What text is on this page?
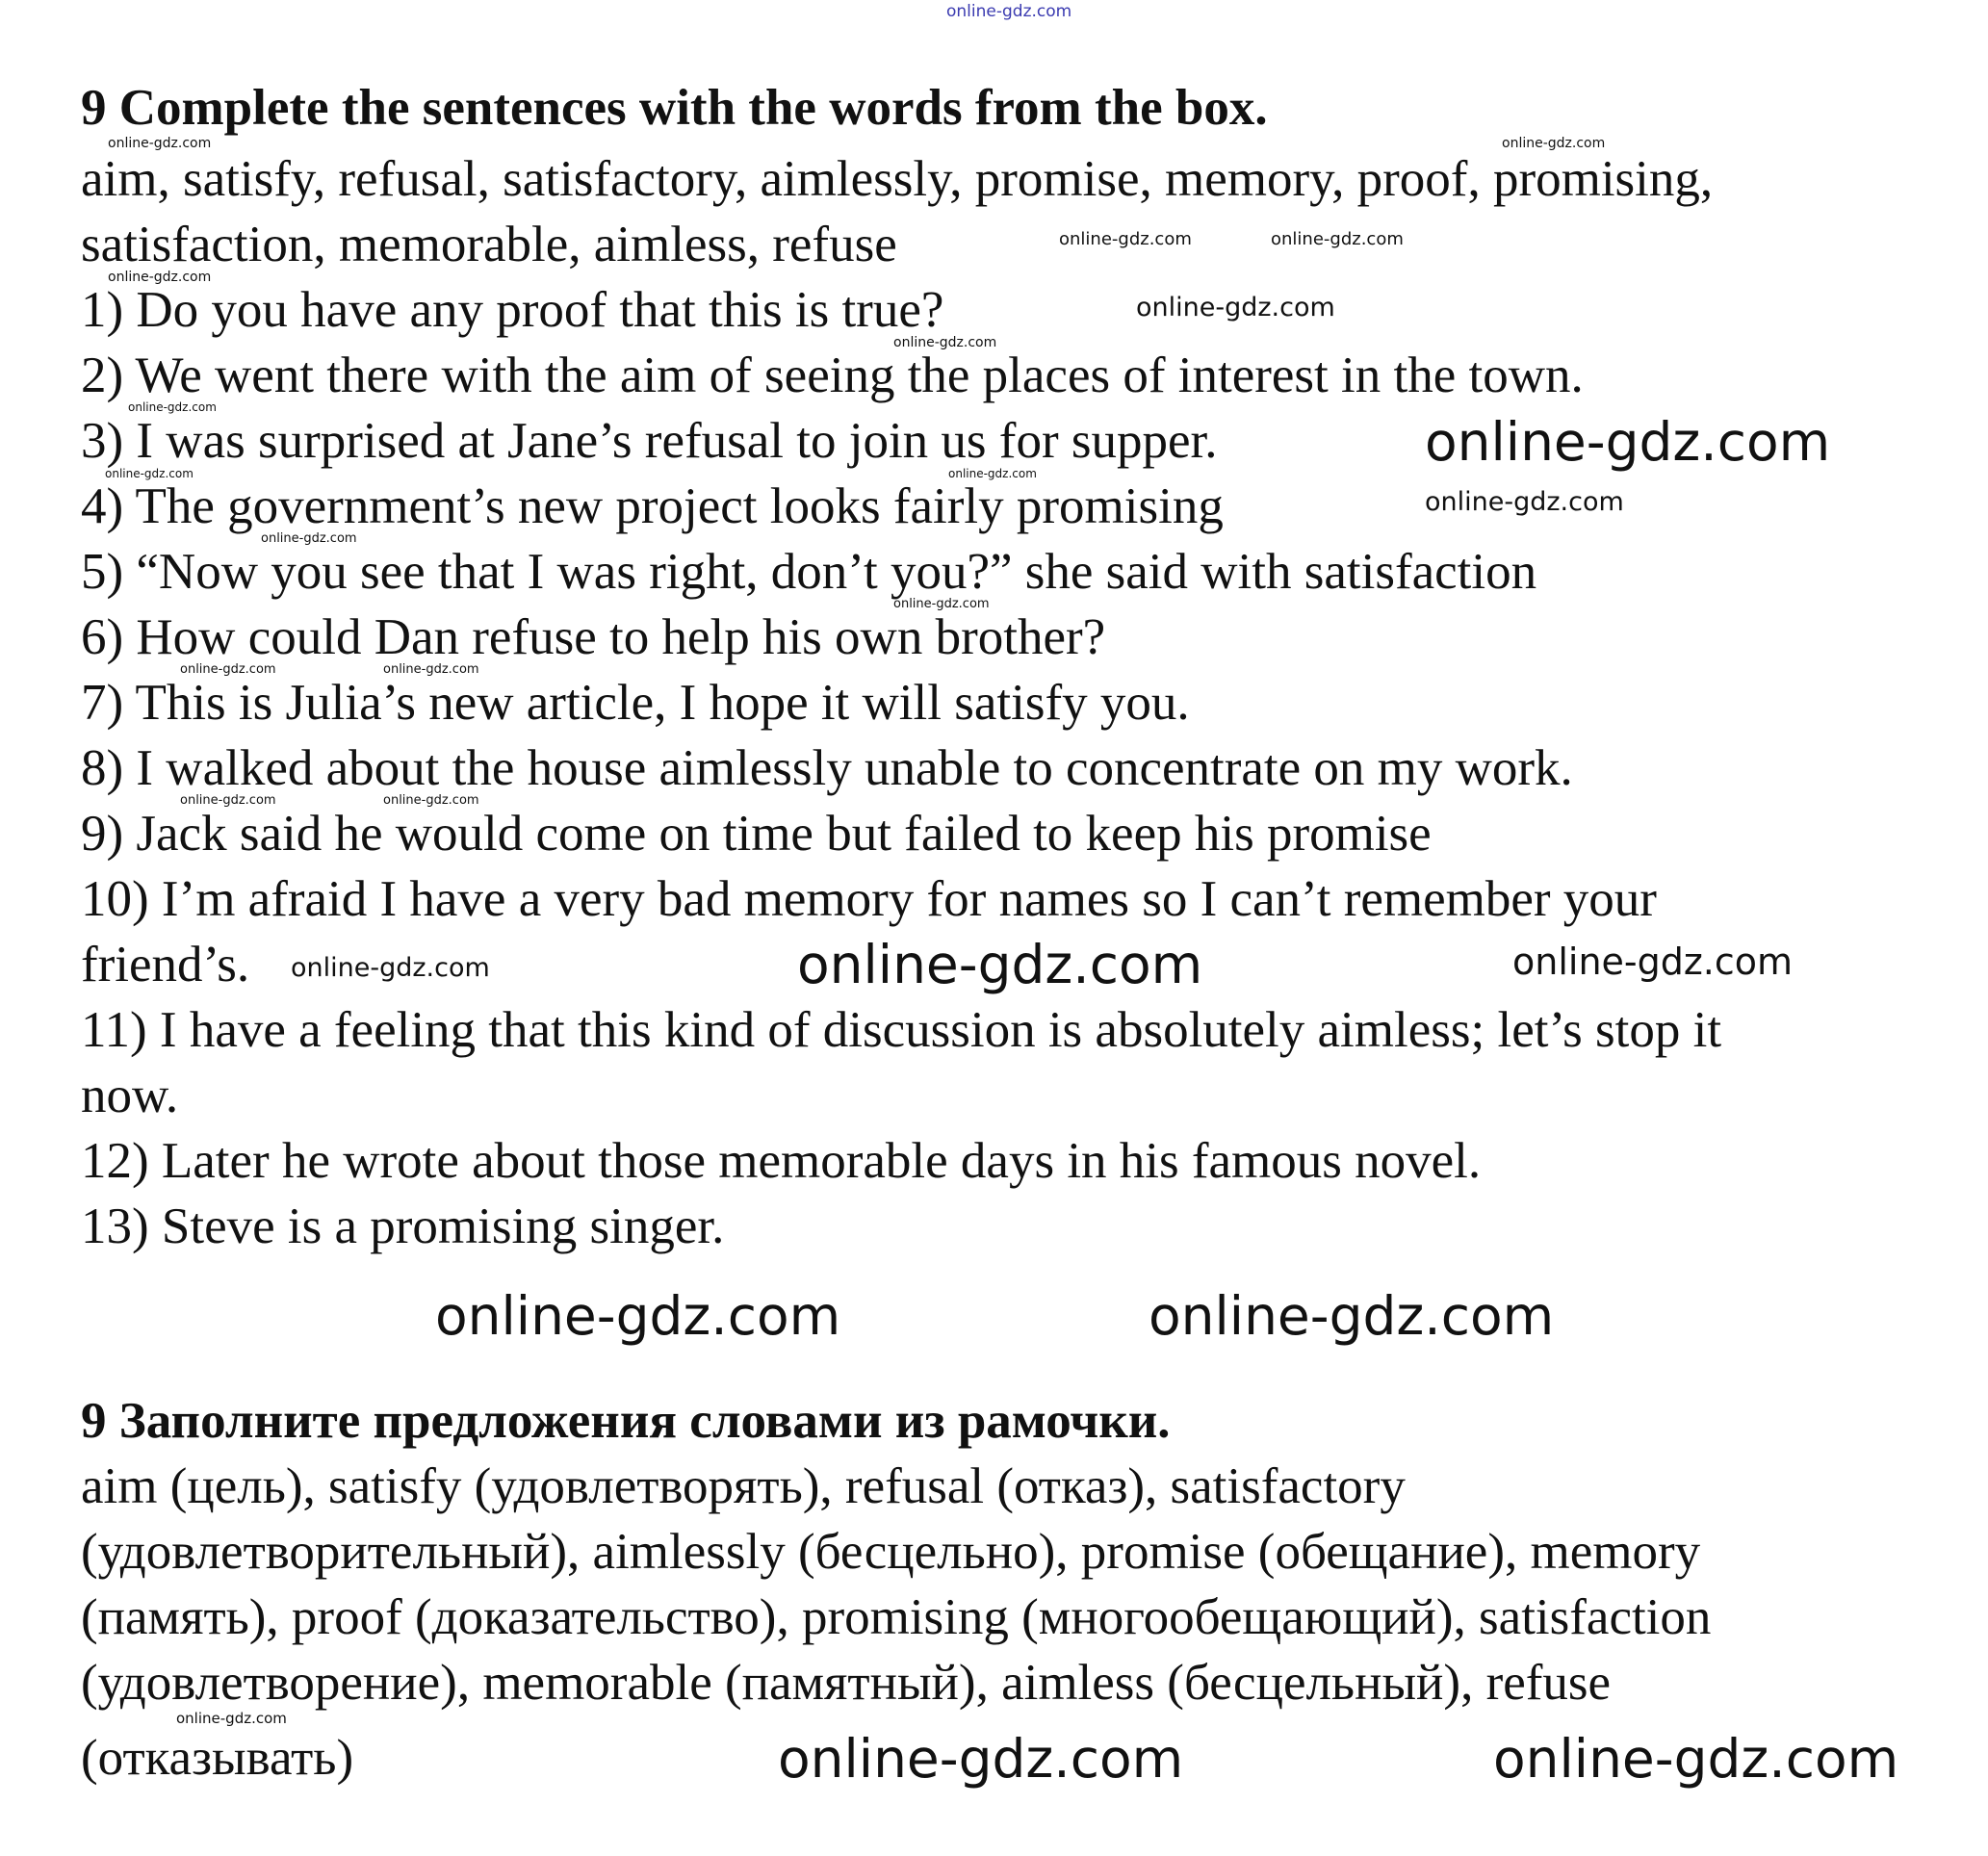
online-gdz.com
9 Complete the sentences with the words from the box.
aim, satisfy, refusal, satisfactory, aimlessly, promise, memory, proof, promising,
satisfaction, memorable, aimless, refuse
1) Do you have any proof that this is true?
2) We went there with the aim of seeing the places of interest in the town.
3) I was surprised at Jane’s refusal to join us for supper.
4) The government’s new project looks fairly promising
5) “Now you see that I was right, don’t you?” she said with satisfaction
6) How could Dan refuse to help his own brother?
7) This is Julia’s new article, I hope it will satisfy you.
8) I walked about the house aimlessly unable to concentrate on my work.
9) Jack said he would come on time but failed to keep his promise
10) I’m afraid I have a very bad memory for names so I can’t remember your
friend’s.
11) I have a feeling that this kind of discussion is absolutely aimless; let’s stop it
now.
12) Later he wrote about those memorable days in his famous novel.
13) Steve is a promising singer.
9 Заполните предложения словами из рамочки.
aim (цель), satisfy (удовлетворять), refusal (отказ), satisfactory
(удовлетворительный), aimlessly (бесцельно), promise (обещание), memory
(память), proof (доказательство), promising (многообещающий), satisfaction
(удовлетворение), memorable (памятный), aimless (бесцельный), refuse
(отказывать)
online-gdz.com	online-gdz.com
online-gdz.com	online-gdz.com
online-gdz.com
online-gdz.com
online-gdz.com
online-gdz.com
online-gdz.com
online-gdz.com
online-gdz.com
online-gdz.com
online-gdz.com
online-gdz.com
online-gdz.com	online-gdz.com
online-gdz.com	online-gdz.com
online-gdz.com	online-gdz.com	online-gdz.com
online-gdz.com	online-gdz.com
online-gdz.com
online-gdz.com	online-gdz.com
